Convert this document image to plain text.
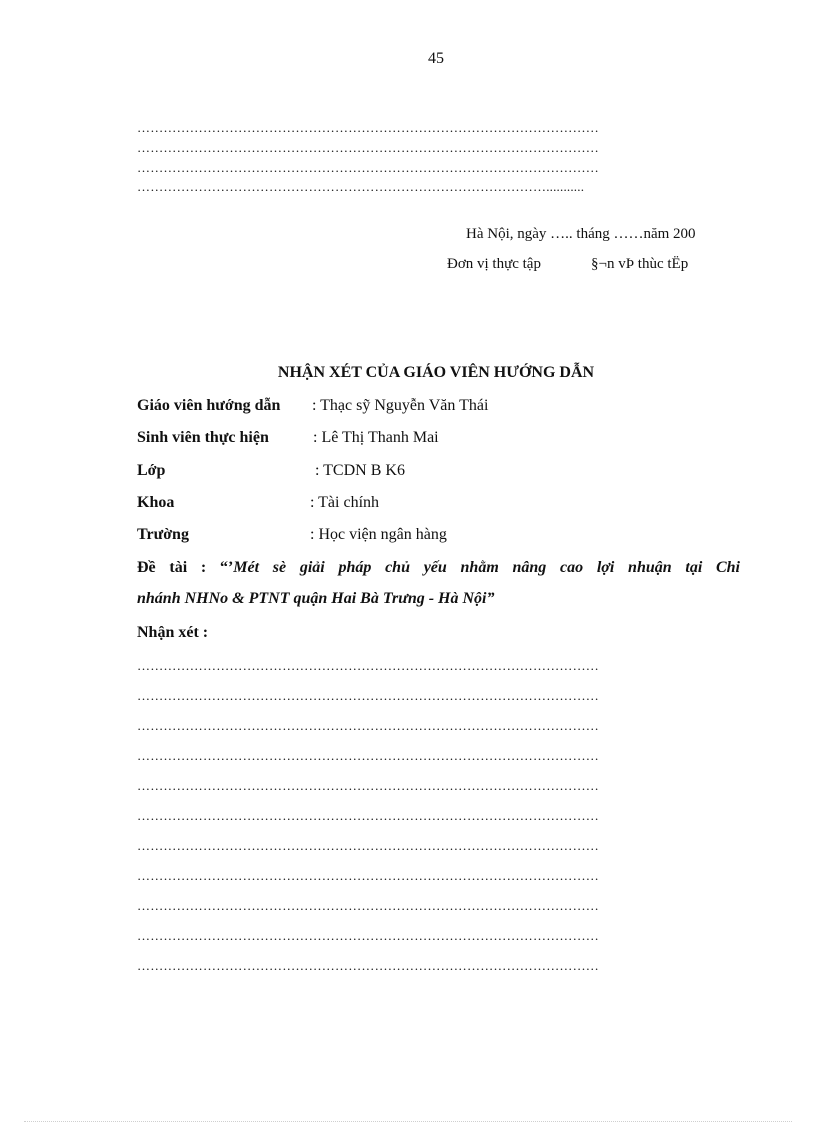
45
……………………………………………………………………………………………
……………………………………………………………………………………………
……………………………………………………………………………………………
…………………………………………………………………………………...........
Hà Nội, ngày ….. tháng ……năm 200
Đơn vị thực tập	§¬n vÞ thùc tËp
NHẬN XÉT CỦA GIÁO VIÊN HƯỚNG DẪN
Giáo viên hướng dẫn : Thạc sỹ Nguyễn Văn Thái
Sinh viên thực hiện	: Lê Thị Thanh Mai
Lớp	: TCDN B K6
Khoa	: Tài chính
Trường	: Học viện ngân hàng
Đề tài : “’Mét sè giải pháp chủ yếu nhằm nâng cao lợi nhuận tại Chi
nhánh NHNo & PTNT quận Hai Bà Trưng - Hà Nội”
Nhận xét :
……………………………………………………………………………………………
……………………………………………………………………………………………
……………………………………………………………………………………………
……………………………………………………………………………………………
……………………………………………………………………………………………
……………………………………………………………………………………………
……………………………………………………………………………………………
……………………………………………………………………………………………
……………………………………………………………………………………………
……………………………………………………………………………………………
……………………………………………………………………………………………
